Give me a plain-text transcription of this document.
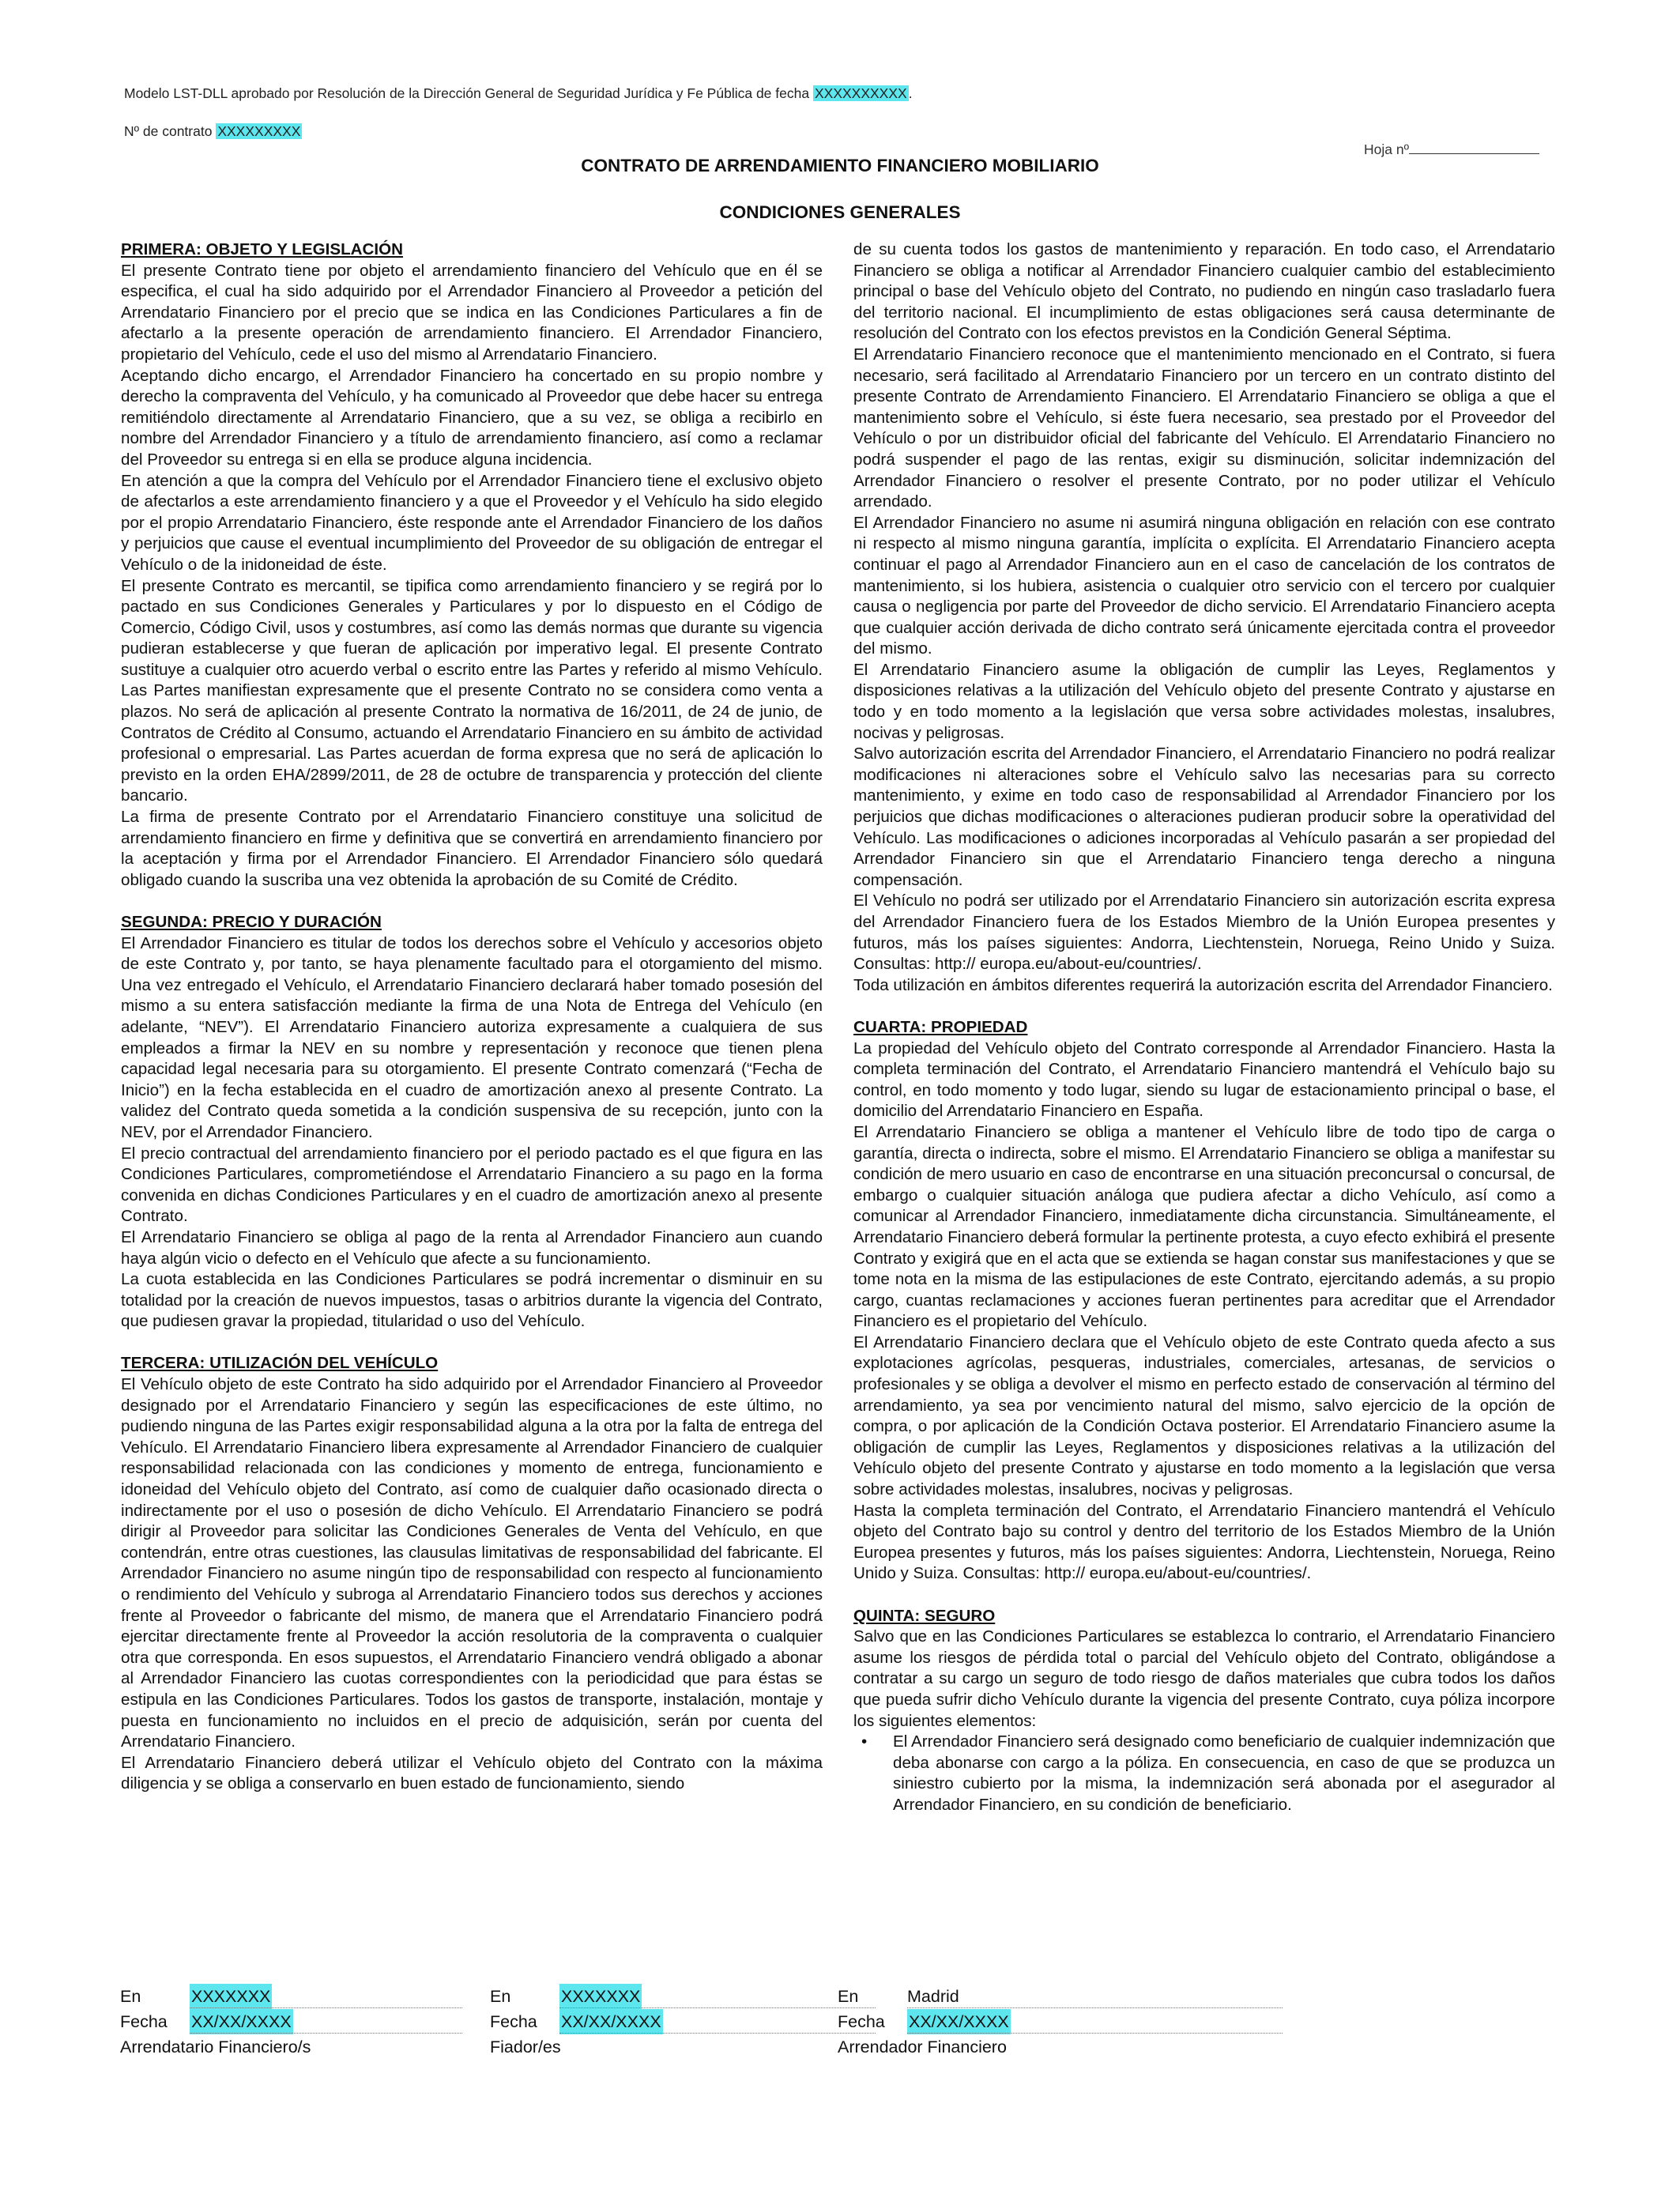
Modelo LST-DLL aprobado por Resolución de la Dirección General de Seguridad Jurídica y Fe Pública de fecha XXXXXXXXXX .
Nº de contrato XXXXXXXXX
Hoja nº
CONTRATO DE ARRENDAMIENTO FINANCIERO MOBILIARIO
CONDICIONES GENERALES

PRIMERA: OBJETO Y LEGISLACIÓN

El presente Contrato tiene por objeto el arrendamiento financiero del Vehículo que en él se especifica, el cual ha sido adquirido por el Arrendador Financiero al Proveedor a petición del Arrendatario Financiero por el precio que se indica en las Condiciones Particulares a fin de afectarlo a la presente operación de arrendamiento financiero. El Arrendador Financiero, propietario del Vehículo, cede el uso del mismo al Arrendatario Financiero.

Aceptando dicho encargo, el Arrendador Financiero ha concertado en su propio nombre y derecho la compraventa del Vehículo, y ha comunicado al Proveedor que debe hacer su entrega remitiéndolo directamente al Arrendatario Financiero, que a su vez, se obliga a recibirlo en nombre del Arrendador Financiero y a título de arrendamiento financiero, así como a reclamar del Proveedor su entrega si en ella se produce alguna incidencia.

En atención a que la compra del Vehículo por el Arrendador Financiero tiene el exclusivo objeto de afectarlos a este arrendamiento financiero y a que el Proveedor y el Vehículo ha sido elegido por el propio Arrendatario Financiero, éste responde ante el Arrendador Financiero de los daños y perjuicios que cause el eventual incumplimiento del Proveedor de su obligación de entregar el Vehículo o de la inidoneidad de éste.

El presente Contrato es mercantil, se tipifica como arrendamiento financiero y se regirá por lo pactado en sus Condiciones Generales y Particulares y por lo dispuesto en el Código de Comercio, Código Civil, usos y costumbres, así como las demás normas que durante su vigencia pudieran establecerse y que fueran de aplicación por imperativo legal. El presente Contrato sustituye a cualquier otro acuerdo verbal o escrito entre las Partes y referido al mismo Vehículo. Las Partes manifiestan expresamente que el presente Contrato no se considera como venta a plazos. No será de aplicación al presente Contrato la normativa de 16/2011, de 24 de junio, de Contratos de Crédito al Consumo, actuando el Arrendatario Financiero en su ámbito de actividad profesional o empresarial. Las Partes acuerdan de forma expresa que no será de aplicación lo previsto en la orden EHA/2899/2011, de 28 de octubre de transparencia y protección del cliente bancario.

La firma de presente Contrato por el Arrendatario Financiero constituye una solicitud de arrendamiento financiero en firme y definitiva que se convertirá en arrendamiento financiero por la aceptación y firma por el Arrendador Financiero. El Arrendador Financiero sólo quedará obligado cuando la suscriba una vez obtenida la aprobación de su Comité de Crédito.

SEGUNDA: PRECIO Y DURACIÓN

El Arrendador Financiero es titular de todos los derechos sobre el Vehículo y accesorios objeto de este Contrato y, por tanto, se haya plenamente facultado para el otorgamiento del mismo. Una vez entregado el Vehículo, el Arrendatario Financiero declarará haber tomado posesión del mismo a su entera satisfacción mediante la firma de una Nota de Entrega del Vehículo (en adelante, “NEV”). El Arrendatario Financiero autoriza expresamente a cualquiera de sus empleados a firmar la NEV en su nombre y representación y reconoce que tienen plena capacidad legal necesaria para su otorgamiento. El presente Contrato comenzará (“Fecha de Inicio”) en la fecha establecida en el cuadro de amortización anexo al presente Contrato. La validez del Contrato queda sometida a la condición suspensiva de su recepción, junto con la NEV, por el Arrendador Financiero.

El precio contractual del arrendamiento financiero por el periodo pactado es el que figura en las Condiciones Particulares, comprometiéndose el Arrendatario Financiero a su pago en la forma convenida en dichas Condiciones Particulares y en el cuadro de amortización anexo al presente Contrato.

El Arrendatario Financiero se obliga al pago de la renta al Arrendador Financiero aun cuando haya algún vicio o defecto en el Vehículo que afecte a su funcionamiento.

La cuota establecida en las Condiciones Particulares se podrá incrementar o disminuir en su totalidad por la creación de nuevos impuestos, tasas o arbitrios durante la vigencia del Contrato, que pudiesen gravar la propiedad, titularidad o uso del Vehículo.

TERCERA: UTILIZACIÓN DEL VEHÍCULO

El Vehículo objeto de este Contrato ha sido adquirido por el Arrendador Financiero al Proveedor designado por el Arrendatario Financiero y según las especificaciones de este último, no pudiendo ninguna de las Partes exigir responsabilidad alguna a la otra por la falta de entrega del Vehículo. El Arrendatario Financiero libera expresamente al Arrendador Financiero de cualquier responsabilidad relacionada con las condiciones y momento de entrega, funcionamiento e idoneidad del Vehículo objeto del Contrato, así como de cualquier daño ocasionado directa o indirectamente por el uso o posesión de dicho Vehículo. El Arrendatario Financiero se podrá dirigir al Proveedor para solicitar las Condiciones Generales de Venta del Vehículo, en que contendrán, entre otras cuestiones, las clausulas limitativas de responsabilidad del fabricante. El Arrendador Financiero no asume ningún tipo de responsabilidad con respecto al funcionamiento o rendimiento del Vehículo y subroga al Arrendatario Financiero todos sus derechos y acciones frente al Proveedor o fabricante del mismo, de manera que el Arrendatario Financiero podrá ejercitar directamente frente al Proveedor la acción resolutoria de la compraventa o cualquier otra que corresponda. En esos supuestos, el Arrendatario Financiero vendrá obligado a abonar al Arrendador Financiero las cuotas correspondientes con la periodicidad que para éstas se estipula en las Condiciones Particulares. Todos los gastos de transporte, instalación, montaje y puesta en funcionamiento no incluidos en el precio de adquisición, serán por cuenta del Arrendatario Financiero.

El Arrendatario Financiero deberá utilizar el Vehículo objeto del Contrato con la máxima diligencia y se obliga a conservarlo en buen estado de funcionamiento, siendo

de su cuenta todos los gastos de mantenimiento y reparación. En todo caso, el Arrendatario Financiero se obliga a notificar al Arrendador Financiero cualquier cambio del establecimiento principal o base del Vehículo objeto del Contrato, no pudiendo en ningún caso trasladarlo fuera del territorio nacional. El incumplimiento de estas obligaciones será causa determinante de resolución del Contrato con los efectos previstos en la Condición General Séptima.

El Arrendatario Financiero reconoce que el mantenimiento mencionado en el Contrato, si fuera necesario, será facilitado al Arrendatario Financiero por un tercero en un contrato distinto del presente Contrato de Arrendamiento Financiero. El Arrendatario Financiero se obliga a que el mantenimiento sobre el Vehículo, si éste fuera necesario, sea prestado por el Proveedor del Vehículo o por un distribuidor oficial del fabricante del Vehículo. El Arrendatario Financiero no podrá suspender el pago de las rentas, exigir su disminución, solicitar indemnización del Arrendador Financiero o resolver el presente Contrato, por no poder utilizar el Vehículo arrendado.

El Arrendador Financiero no asume ni asumirá ninguna obligación en relación con ese contrato ni respecto al mismo ninguna garantía, implícita o explícita. El Arrendatario Financiero acepta continuar el pago al Arrendador Financiero aun en el caso de cancelación de los contratos de mantenimiento, si los hubiera, asistencia o cualquier otro servicio con el tercero por cualquier causa o negligencia por parte del Proveedor de dicho servicio. El Arrendatario Financiero acepta que cualquier acción derivada de dicho contrato será únicamente ejercitada contra el proveedor del mismo.

El Arrendatario Financiero asume la obligación de cumplir las Leyes, Reglamentos y disposiciones relativas a la utilización del Vehículo objeto del presente Contrato y ajustarse en todo y en todo momento a la legislación que versa sobre actividades molestas, insalubres, nocivas y peligrosas.

Salvo autorización escrita del Arrendador Financiero, el Arrendatario Financiero no podrá realizar modificaciones ni alteraciones sobre el Vehículo salvo las necesarias para su correcto mantenimiento, y exime en todo caso de responsabilidad al Arrendador Financiero por los perjuicios que dichas modificaciones o alteraciones pudieran producir sobre la operatividad del Vehículo. Las modificaciones o adiciones incorporadas al Vehículo pasarán a ser propiedad del Arrendador Financiero sin que el Arrendatario Financiero tenga derecho a ninguna compensación.

El Vehículo no podrá ser utilizado por el Arrendatario Financiero sin autorización escrita expresa del Arrendador Financiero fuera de los Estados Miembro de la Unión Europea presentes y futuros, más los países siguientes: Andorra, Liechtenstein, Noruega, Reino Unido y Suiza. Consultas: http:// europa.eu/about-eu/countries/.

Toda utilización en ámbitos diferentes requerirá la autorización escrita del Arrendador Financiero.

CUARTA: PROPIEDAD

La propiedad del Vehículo objeto del Contrato corresponde al Arrendador Financiero. Hasta la completa terminación del Contrato, el Arrendatario Financiero mantendrá el Vehículo bajo su control, en todo momento y todo lugar, siendo su lugar de estacionamiento principal o base, el domicilio del Arrendatario Financiero en España.

El Arrendatario Financiero se obliga a mantener el Vehículo libre de todo tipo de carga o garantía, directa o indirecta, sobre el mismo. El Arrendatario Financiero se obliga a manifestar su condición de mero usuario en caso de encontrarse en una situación preconcursal o concursal, de embargo o cualquier situación análoga que pudiera afectar a dicho Vehículo, así como a comunicar al Arrendador Financiero, inmediatamente dicha circunstancia. Simultáneamente, el Arrendatario Financiero deberá formular la pertinente protesta, a cuyo efecto exhibirá el presente Contrato y exigirá que en el acta que se extienda se hagan constar sus manifestaciones y que se tome nota en la misma de las estipulaciones de este Contrato, ejercitando además, a su propio cargo, cuantas reclamaciones y acciones fueran pertinentes para acreditar que el Arrendador Financiero es el propietario del Vehículo.

El Arrendatario Financiero declara que el Vehículo objeto de este Contrato queda afecto a sus explotaciones agrícolas, pesqueras, industriales, comerciales, artesanas, de servicios o profesionales y se obliga a devolver el mismo en perfecto estado de conservación al término del arrendamiento, ya sea por vencimiento natural del mismo, salvo ejercicio de la opción de compra, o por aplicación de la Condición Octava posterior. El Arrendatario Financiero asume la obligación de cumplir las Leyes, Reglamentos y disposiciones relativas a la utilización del Vehículo objeto del presente Contrato y ajustarse en todo momento a la legislación que versa sobre actividades molestas, insalubres, nocivas y peligrosas.

Hasta la completa terminación del Contrato, el Arrendatario Financiero mantendrá el Vehículo objeto del Contrato bajo su control y dentro del territorio de los Estados Miembro de la Unión Europea presentes y futuros, más los países siguientes: Andorra, Liechtenstein, Noruega, Reino Unido y Suiza. Consultas: http:// europa.eu/about-eu/countries/.

QUINTA: SEGURO

Salvo que en las Condiciones Particulares se establezca lo contrario, el Arrendatario Financiero asume los riesgos de pérdida total o parcial del Vehículo objeto del Contrato, obligándose a contratar a su cargo un seguro de todo riesgo de daños materiales que cubra todos los daños que pueda sufrir dicho Vehículo durante la vigencia del presente Contrato, cuya póliza incorpore los siguientes elementos:

• El Arrendador Financiero será designado como beneficiario de cualquier indemnización que deba abonarse con cargo a la póliza. En consecuencia, en caso de que se produzca un siniestro cubierto por la misma, la indemnización será abonada por el asegurador al Arrendador Financiero, en su condición de beneficiario.
En	XXXXXXX
Fecha XX/XX/XXXX
Arrendatario Financiero/s
En	XXXXXXX
Fecha XX/XX/XXXX
Fiador/es
En	Madrid
Fecha XX/XX/XXXX
Arrendador Financiero
